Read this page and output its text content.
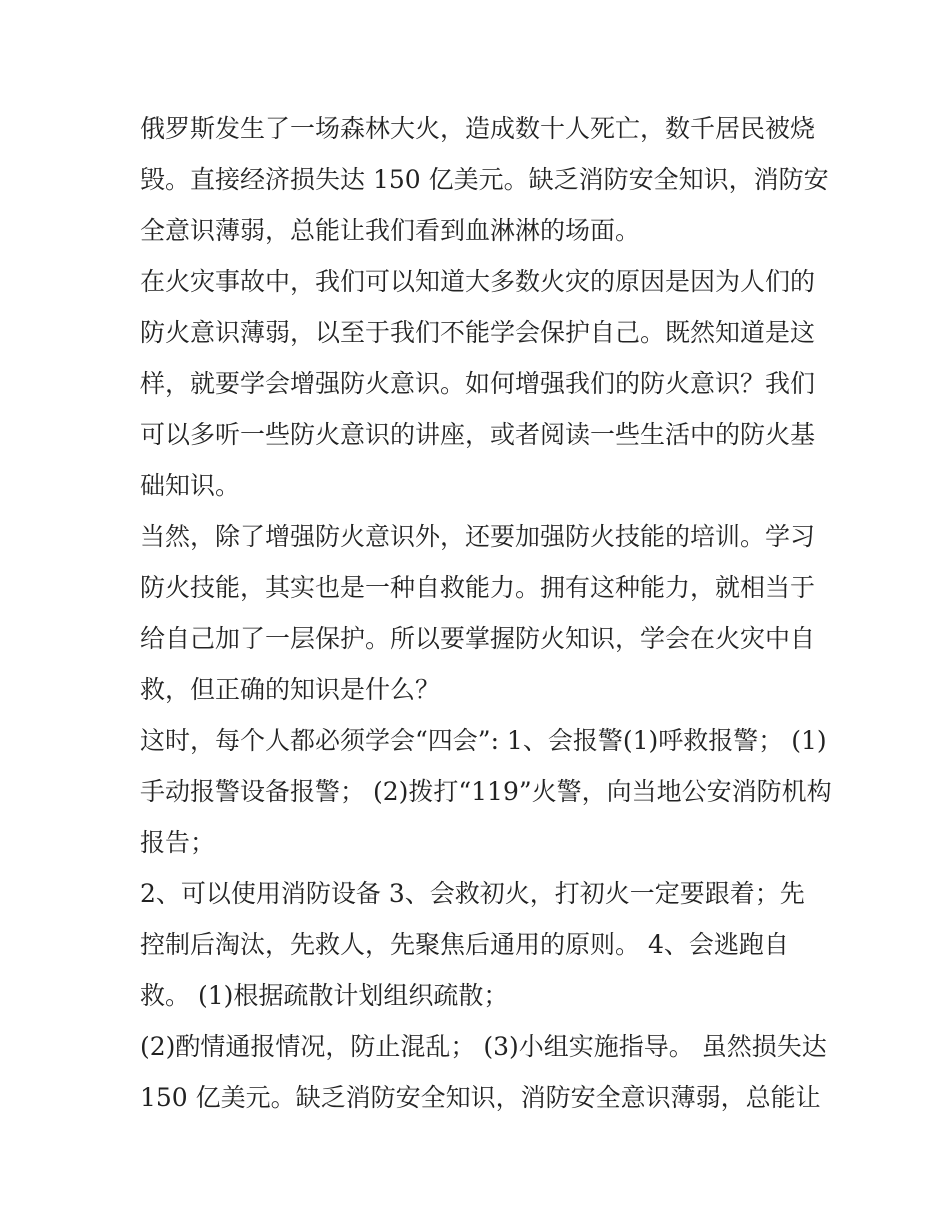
俄罗斯发生了一场森林大火，造成数十人死亡，数千居民被烧
毁。直接经济损失达 150 亿美元。缺乏消防安全知识，消防安
全意识薄弱，总能让我们看到血淋淋的场面。
在火灾事故中，我们可以知道大多数火灾的原因是因为人们的
防火意识薄弱，以至于我们不能学会保护自己。既然知道是这
样，就要学会增强防火意识。如何增强我们的防火意识？我们
可以多听一些防火意识的讲座，或者阅读一些生活中的防火基
础知识。
当然，除了增强防火意识外，还要加强防火技能的培训。学习
防火技能，其实也是一种自救能力。拥有这种能力，就相当于
给自己加了一层保护。所以要掌握防火知识，学会在火灾中自
救，但正确的知识是什么？
这时，每个人都必须学会“四会”: 1、会报警(1)呼救报警； (1)
手动报警设备报警； (2)拨打“119”火警，向当地公安消防机构
报告；
2、可以使用消防设备 3、会救初火，打初火一定要跟着；先
控制后淘汰，先救人，先聚焦后通用的原则。 4、会逃跑自
救。 (1)根据疏散计划组织疏散；
(2)酌情通报情况，防止混乱； (3)小组实施指导。 虽然损失达
150 亿美元。缺乏消防安全知识，消防安全意识薄弱，总能让
